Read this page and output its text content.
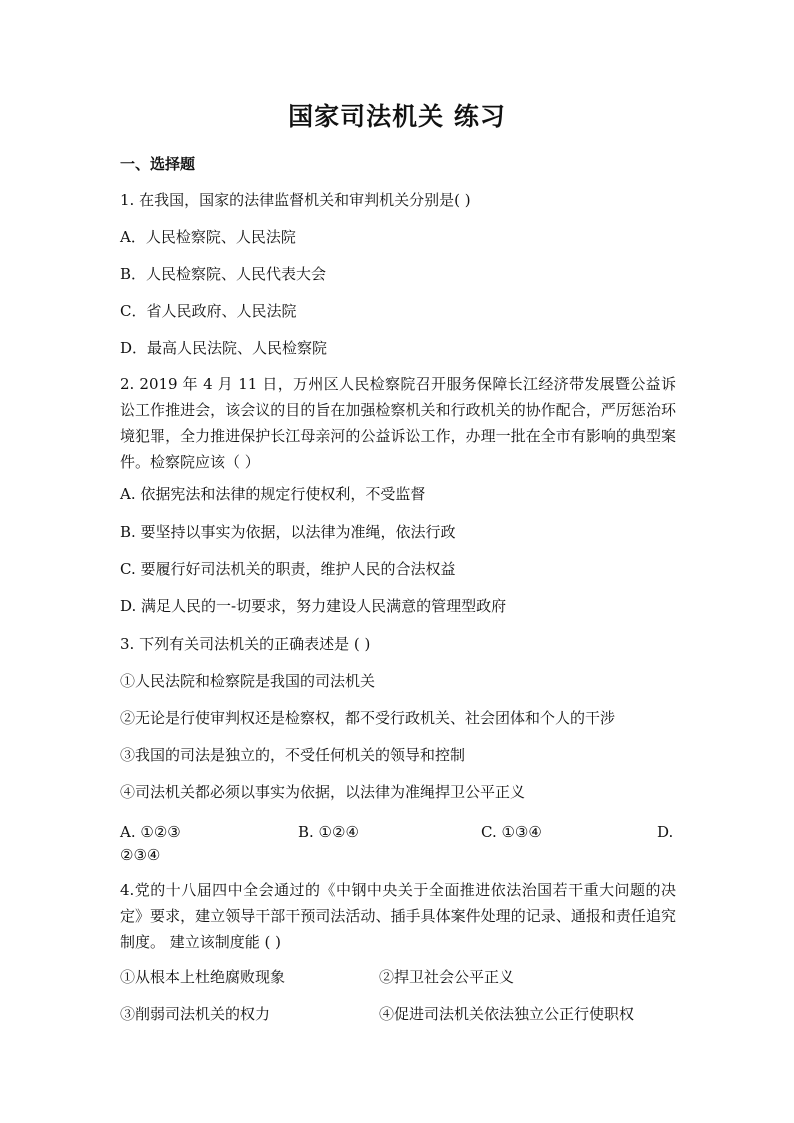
国家司法机关 练习
一、选择题
1. 在我国，国家的法律监督机关和审判机关分别是( )
A．人民检察院、人民法院
B．人民检察院、人民代表大会
C．省人民政府、人民法院
D．最高人民法院、人民检察院
2. 2019 年 4 月 11 日，万州区人民检察院召开服务保障长江经济带发展暨公益诉讼工作推进会，该会议的目的旨在加强检察机关和行政机关的协作配合，严厉惩治环境犯罪，全力推进保护长江母亲河的公益诉讼工作，办理一批在全市有影响的典型案件。检察院应该（ ）
A. 依据宪法和法律的规定行使权利，不受监督
B. 要坚持以事实为依据，以法律为准绳，依法行政
C. 要履行好司法机关的职责，维护人民的合法权益
D. 满足人民的一-切要求，努力建设人民满意的管理型政府
3. 下列有关司法机关的正确表述是 ( )
①人民法院和检察院是我国的司法机关
②无论是行使审判权还是检察权，都不受行政机关、社会团体和个人的干涉
③我国的司法是独立的，不受任何机关的领导和控制
④司法机关都必须以事实为依据，以法律为准绳捍卫公平正义
A. ①②③	B. ①②④	C. ①③④	D.
②③④
4.党的十八届四中全会通过的《中钢中央关于全面推进依法治国若干重大问题的决定》要求，建立领导干部干预司法活动、插手具体案件处理的记录、通报和责任追究制度。 建立该制度能 ( )
①从根本上杜绝腐败现象	②捍卫社会公平正义
③削弱司法机关的权力	④促进司法机关依法独立公正行使职权
